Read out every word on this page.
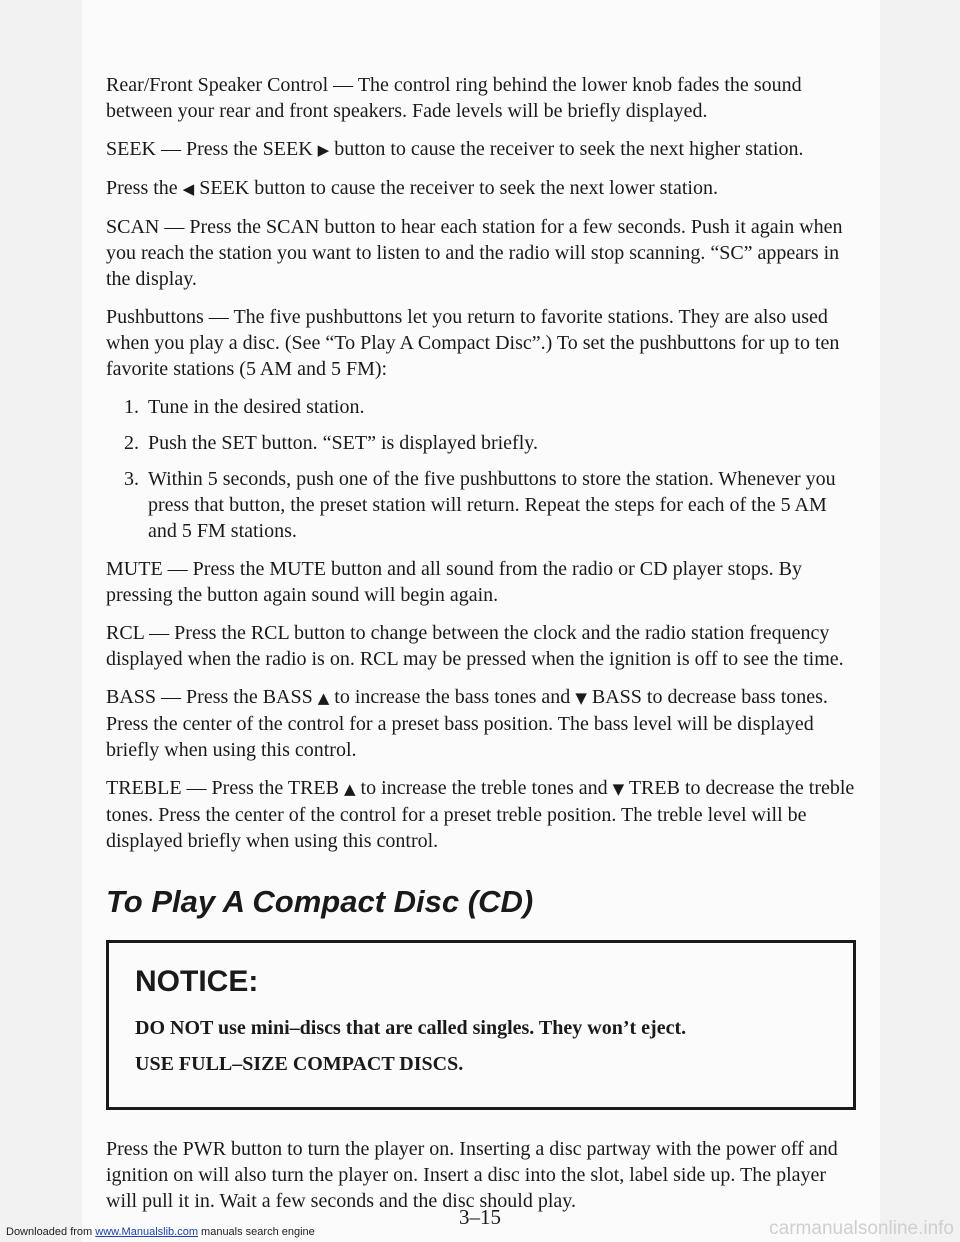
Rear/Front Speaker Control — The control ring behind the lower knob fades the sound between your rear and front speakers. Fade levels will be briefly displayed.

SEEK — Press the SEEK ▶ button to cause the receiver to seek the next higher station.

Press the ◀ SEEK button to cause the receiver to seek the next lower station.

SCAN — Press the SCAN button to hear each station for a few seconds. Push it again when you reach the station you want to listen to and the radio will stop scanning. “SC” appears in the display.

Pushbuttons — The five pushbuttons let you return to favorite stations. They are also used when you play a disc. (See “To Play A Compact Disc”.) To set the pushbuttons for up to ten favorite stations (5 AM and 5 FM):

1. Tune in the desired station.
2. Push the SET button. “SET” is displayed briefly.
3. Within 5 seconds, push one of the five pushbuttons to store the station. Whenever you press that button, the preset station will return. Repeat the steps for each of the 5 AM and 5 FM stations.

MUTE — Press the MUTE button and all sound from the radio or CD player stops. By pressing the button again sound will begin again.

RCL — Press the RCL button to change between the clock and the radio station frequency displayed when the radio is on. RCL may be pressed when the ignition is off to see the time.

BASS — Press the BASS ▲ to increase the bass tones and ▼ BASS to decrease bass tones. Press the center of the control for a preset bass position. The bass level will be displayed briefly when using this control.

TREBLE — Press the TREB ▲ to increase the treble tones and ▼ TREB to decrease the treble tones. Press the center of the control for a preset treble position. The treble level will be displayed briefly when using this control.

To Play A Compact Disc (CD)
NOTICE:
DO NOT use mini–discs that are called singles. They won’t eject.
USE FULL–SIZE COMPACT DISCS.

Press the PWR button to turn the player on. Inserting a disc partway with the power off and ignition on will also turn the player on. Insert a disc into the slot, label side up. The player will pull it in. Wait a few seconds and the disc should play.

3–15
Downloaded from www.Manualslib.com manuals search engine	carmanualsonline.info
